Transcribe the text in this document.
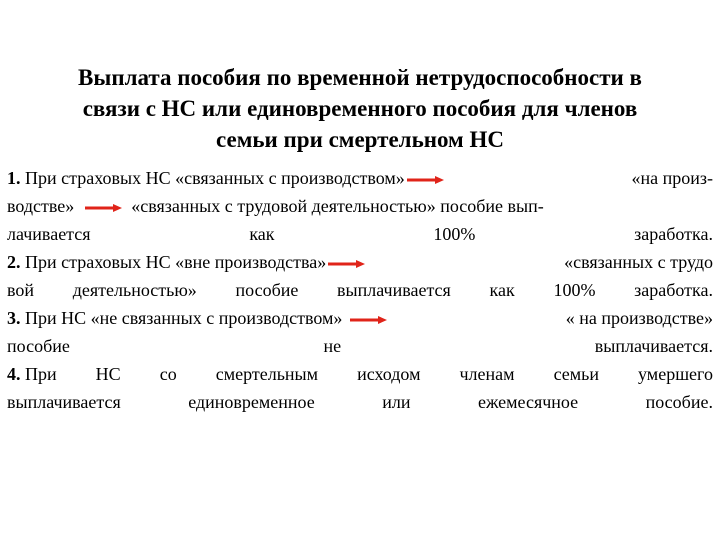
Выплата пособия по временной нетрудоспособности в
связи с НС или единовременного пособия для членов
семьи при смертельном НС
1. При страховых НС «связанных с производством»	«на произ-
водстве»	«связанных с трудовой деятельностью» пособие вып-
лачивается	как	100%	заработка.
2. При страховых НС «вне производства»	«связанных с трудо
вой деятельностью» пособие выплачивается как 100% заработка.
3. При НС «не связанных с производством»	« на производстве»
пособие	не	выплачивается.
4. При НС со смертельным исходом членам семьи умершего
выплачивается	единовременное	или	ежемесячное	пособие.
